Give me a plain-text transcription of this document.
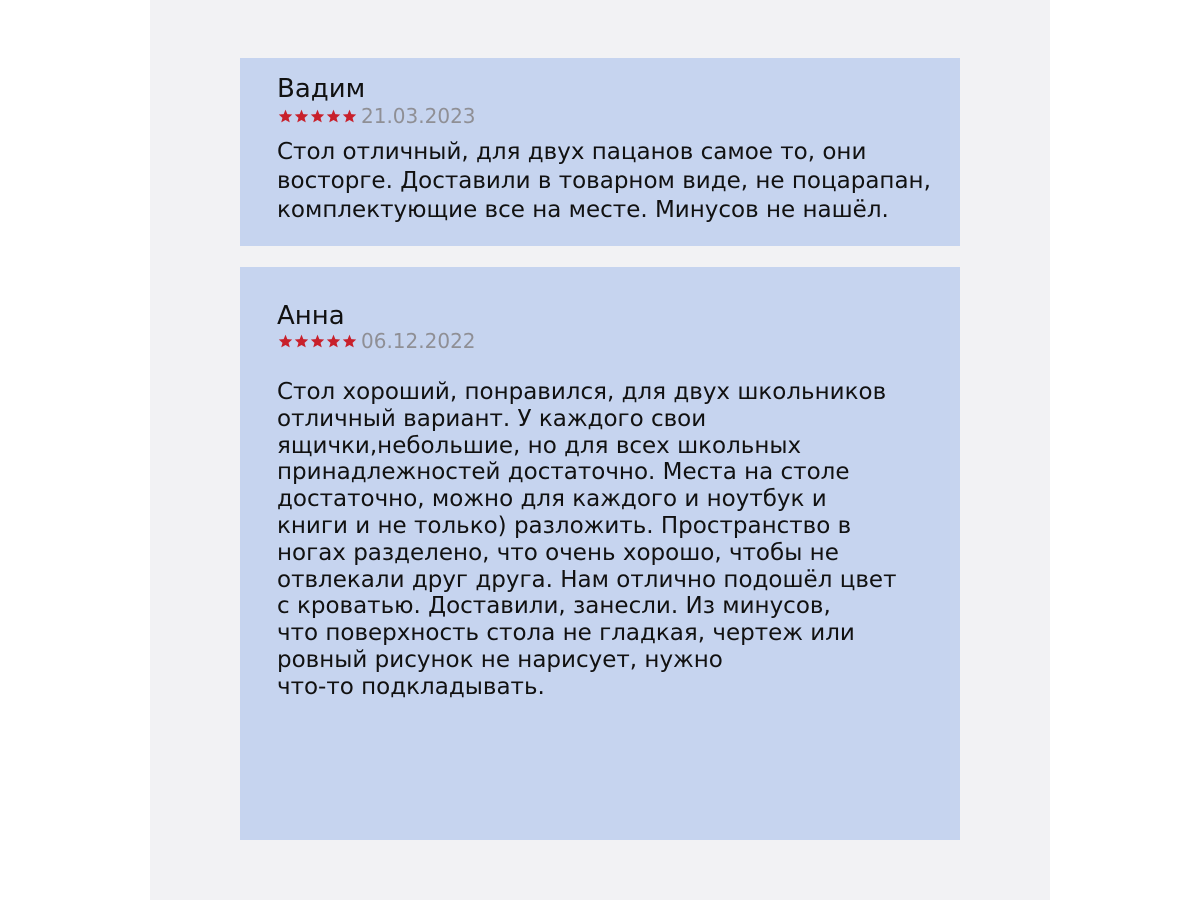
Вадим
21.03.2023

Стол отличный, для двух пацанов самое то, они
восторге. Доставили в товарном виде, не поцарапан,
комплектующие все на месте. Минусов не нашёл.

Анна
06.12.2022

Стол хороший, понравился, для двух школьников
отличный вариант. У каждого свои
ящички,небольшие, но для всех школьных
принадлежностей достаточно. Места на столе
достаточно, можно для каждого и ноутбук и
книги и не только) разложить. Пространство в
ногах разделено, что очень хорошо, чтобы не
отвлекали друг друга. Нам отлично подошёл цвет
с кроватью. Доставили, занесли. Из минусов,
что поверхность стола не гладкая, чертеж или
ровный рисунок не нарисует, нужно
что-то подкладывать.
